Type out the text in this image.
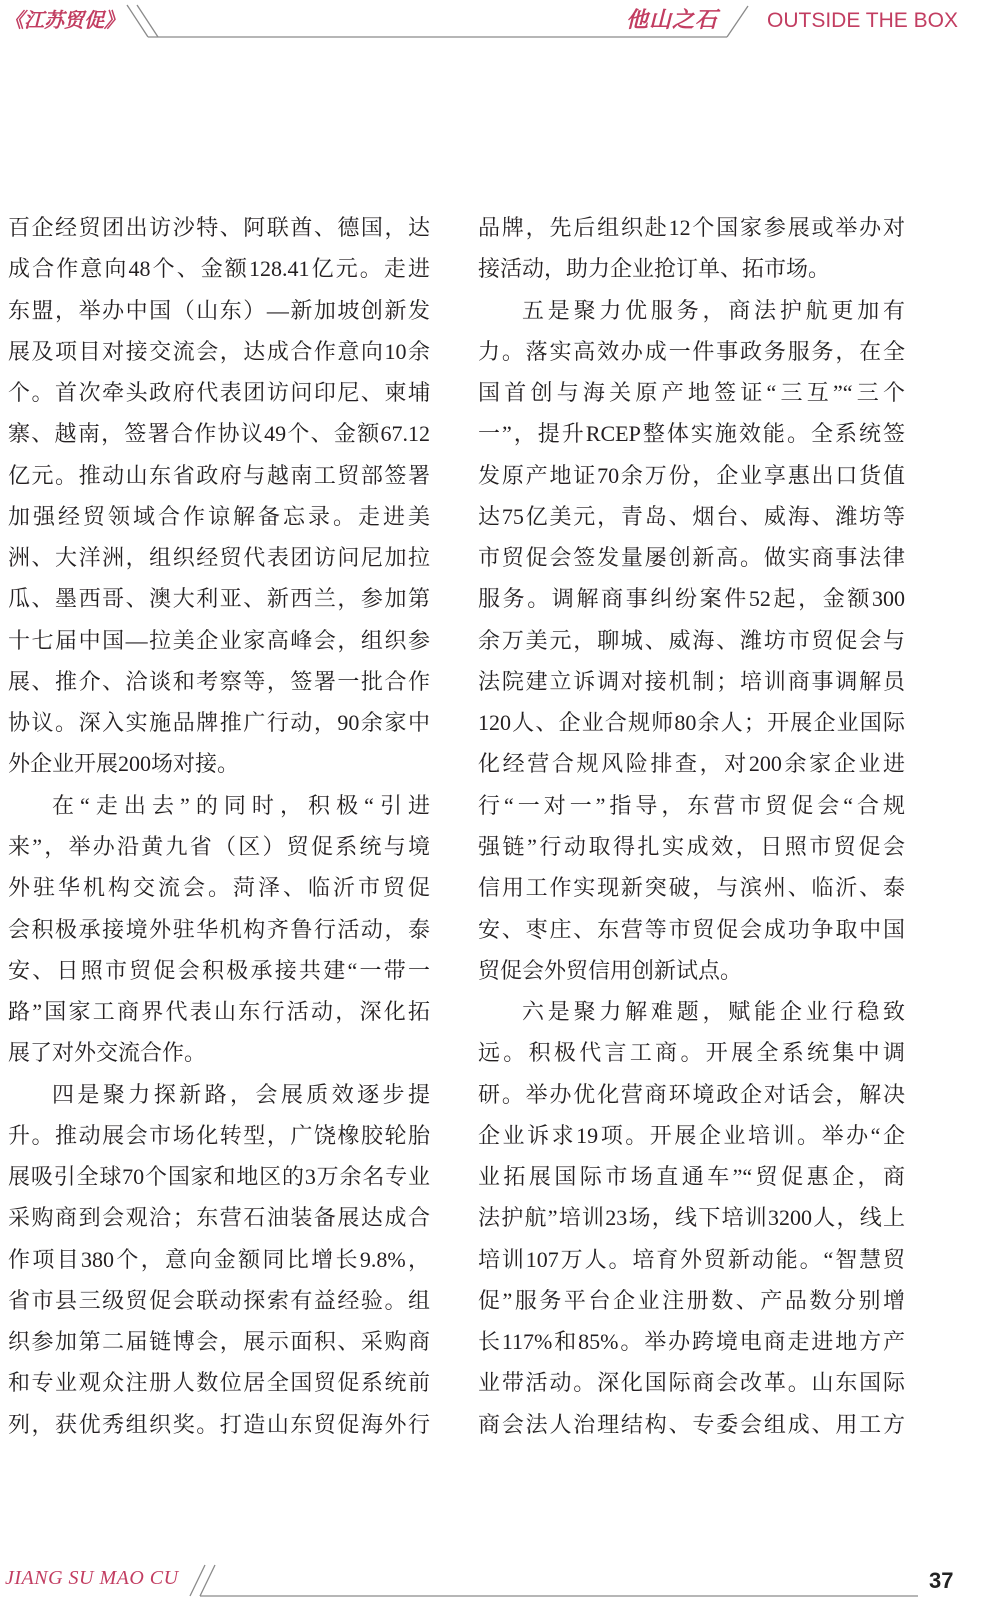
《江苏贸促》	他山之石 OUTSIDE THE BOX
百企经贸团出访沙特、阿联酋、德国，达
成合作意向48个、金额128.41亿元。走进
东盟，举办中国（山东）—新加坡创新发
展及项目对接交流会，达成合作意向10余
个。首次牵头政府代表团访问印尼、柬埔
寨、越南，签署合作协议49个、金额67.12
亿元。推动山东省政府与越南工贸部签署
加强经贸领域合作谅解备忘录。走进美
洲、大洋洲，组织经贸代表团访问尼加拉
瓜、墨西哥、澳大利亚、新西兰，参加第
十七届中国—拉美企业家高峰会，组织参
展、推介、洽谈和考察等，签署一批合作
协议。深入实施品牌推广行动，90余家中
外企业开展200场对接。
在“走出去”的同时，积极“引进
来”，举办沿黄九省（区）贸促系统与境
外驻华机构交流会。菏泽、临沂市贸促
会积极承接境外驻华机构齐鲁行活动，泰
安、日照市贸促会积极承接共建“一带一
路”国家工商界代表山东行活动，深化拓
展了对外交流合作。
四是聚力探新路，会展质效逐步提
升。推动展会市场化转型，广饶橡胶轮胎
展吸引全球70个国家和地区的3万余名专业
采购商到会观洽；东营石油装备展达成合
作项目380个，意向金额同比增长9.8%，
省市县三级贸促会联动探索有益经验。组
织参加第二届链博会，展示面积、采购商
和专业观众注册人数位居全国贸促系统前
列，获优秀组织奖。打造山东贸促海外行
品牌，先后组织赴12个国家参展或举办对
接活动，助力企业抢订单、拓市场。
五是聚力优服务，商法护航更加有
力。落实高效办成一件事政务服务，在全
国首创与海关原产地签证“三互”“三个
一”，提升RCEP整体实施效能。全系统签
发原产地证70余万份，企业享惠出口货值
达75亿美元，青岛、烟台、威海、潍坊等
市贸促会签发量屡创新高。做实商事法律
服务。调解商事纠纷案件52起，金额300
余万美元，聊城、威海、潍坊市贸促会与
法院建立诉调对接机制；培训商事调解员
120人、企业合规师80余人；开展企业国际
化经营合规风险排查，对200余家企业进
行“一对一”指导，东营市贸促会“合规
强链”行动取得扎实成效，日照市贸促会
信用工作实现新突破，与滨州、临沂、泰
安、枣庄、东营等市贸促会成功争取中国
贸促会外贸信用创新试点。
六是聚力解难题，赋能企业行稳致
远。积极代言工商。开展全系统集中调
研。举办优化营商环境政企对话会，解决
企业诉求19项。开展企业培训。举办“企
业拓展国际市场直通车”“贸促惠企，商
法护航”培训23场，线下培训3200人，线上
培训107万人。培育外贸新动能。“智慧贸
促”服务平台企业注册数、产品数分别增
长117%和85%。举办跨境电商走进地方产
业带活动。深化国际商会改革。山东国际
商会法人治理结构、专委会组成、用工方
JIANG SU MAO CU	37
